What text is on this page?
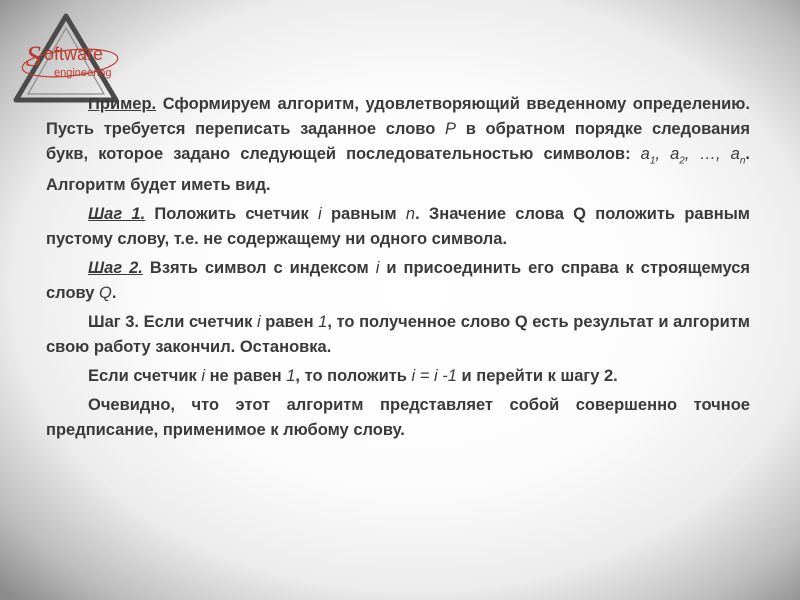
S oftware
engineering

Пример. Сформируем алгоритм, удовлетворяющий введенному определению. Пусть требуется переписать заданное слово P в обратном порядке следования букв, которое задано следующей последовательностью символов: $a_1$, $a_2$, …, $a_n$. Алгоритм будет иметь вид.

Шаг 1. Положить счетчик i равным n. Значение слова Q положить равным пустому слову, т.е. не содержащему ни одного символа.

Шаг 2. Взять символ с индексом i и присоединить его справа к строящемуся слову Q.

Шаг 3. Если счетчик i равен 1, то полученное слово Q есть результат и алгоритм свою работу закончил. Остановка.

Если счетчик i не равен 1, то положить i = i -1 и перейти к шагу 2.

Очевидно, что этот алгоритм представляет собой совершенно точное предписание, применимое к любому слову.
